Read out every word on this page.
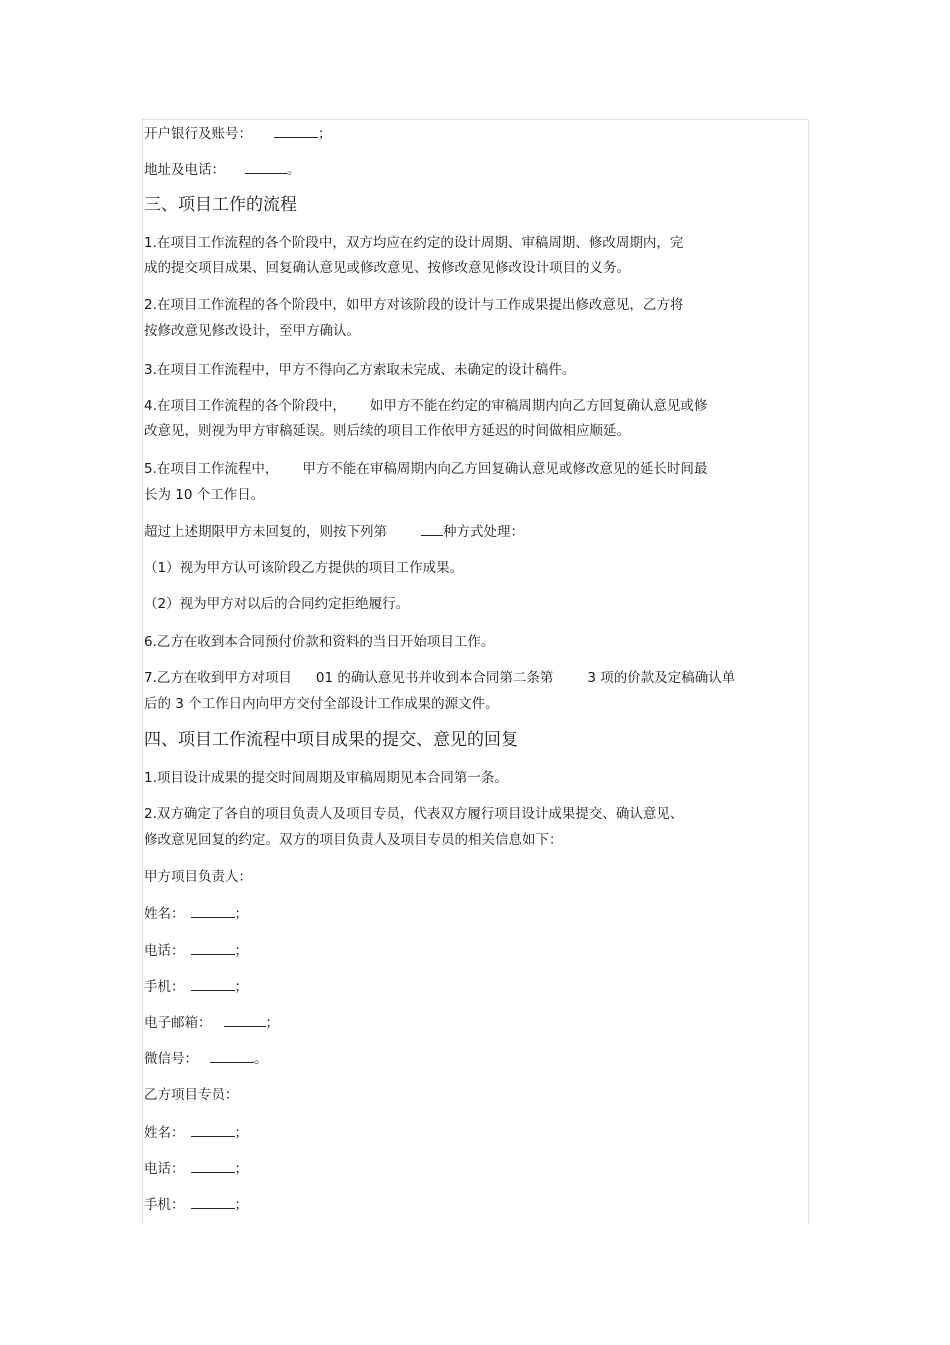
开户银行及账号：	；
地址及电话：	。
三、项目工作的流程
1.在项目工作流程的各个阶段中，双方均应在约定的设计周期、审稿周期、修改周期内，完
成的提交项目成果、回复确认意见或修改意见、按修改意见修改设计项目的义务。
2.在项目工作流程的各个阶段中，如甲方对该阶段的设计与工作成果提出修改意见，乙方将
按修改意见修改设计，至甲方确认。
3.在项目工作流程中，甲方不得向乙方索取未完成、未确定的设计稿件。
4.在项目工作流程的各个阶段中， 如甲方不能在约定的审稿周期内向乙方回复确认意见或修
改意见，则视为甲方审稿延误。则后续的项目工作依甲方延迟的时间做相应顺延。
5.在项目工作流程中， 甲方不能在审稿周期内向乙方回复确认意见或修改意见的延长时间最
长为 10 个工作日。
超过上述期限甲方未回复的，则按下列第	种方式处理：
（1）视为甲方认可该阶段乙方提供的项目工作成果。
（2）视为甲方对以后的合同约定拒绝履行。
6.乙方在收到本合同预付价款和资料的当日开始项目工作。
7.乙方在收到甲方对项目 01 的确认意见书并收到本合同第二条第	3 项的价款及定稿确认单
后的 3 个工作日内向甲方交付全部设计工作成果的源文件。
四、项目工作流程中项目成果的提交、意见的回复
1.项目设计成果的提交时间周期及审稿周期见本合同第一条。
2.双方确定了各自的项目负责人及项目专员，代表双方履行项目设计成果提交、确认意见、
修改意见回复的约定。双方的项目负责人及项目专员的相关信息如下：
甲方项目负责人：
姓名：	；
电话：	；
手机：	；
电子邮箱：	；
微信号：	。
乙方项目专员：
姓名：	；
电话：	；
手机：	；
